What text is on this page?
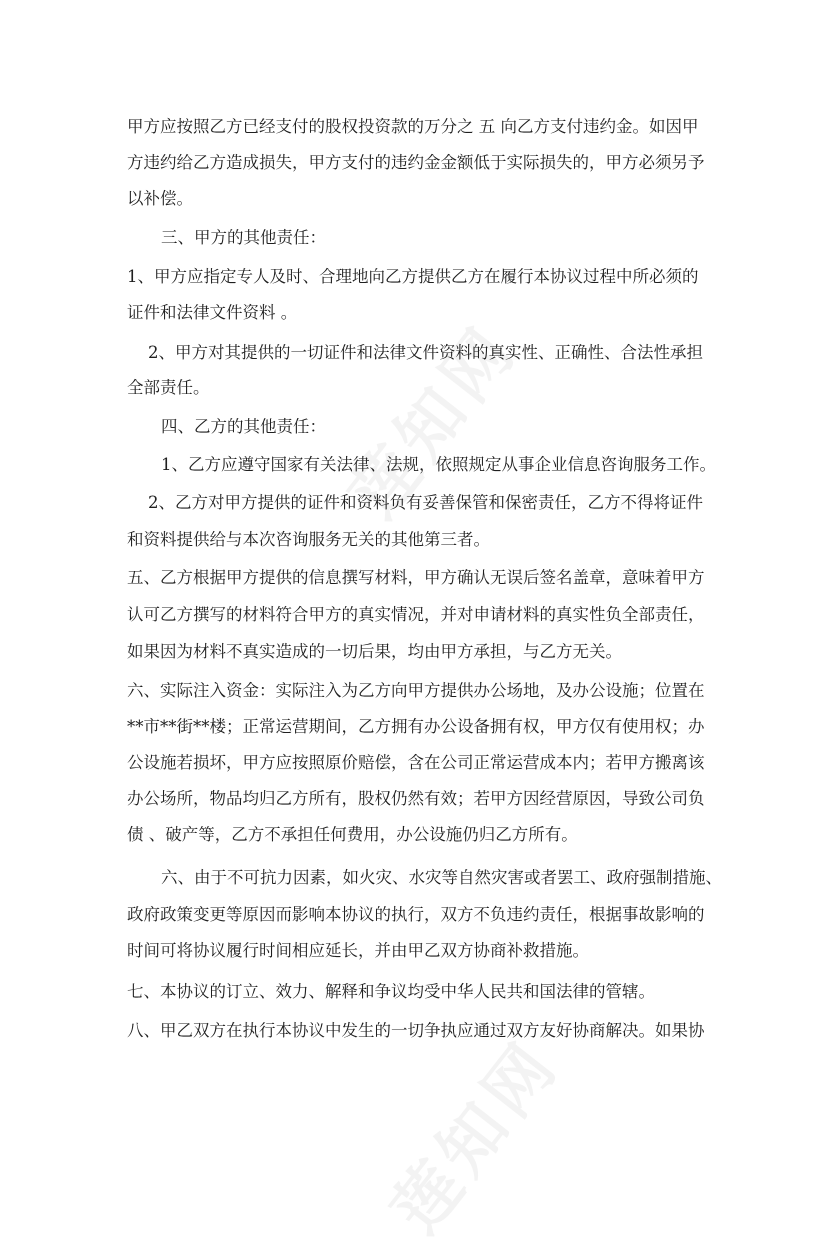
甲方应按照乙方已经支付的股权投资款的万分之 五 向乙方支付违约金。如因甲

方违约给乙方造成损失，甲方支付的违约金金额低于实际损失的，甲方必须另予

以补偿。

三、甲方的其他责任：

1、甲方应指定专人及时、合理地向乙方提供乙方在履行本协议过程中所必须的

证件和法律文件资料 。

2、甲方对其提供的一切证件和法律文件资料的真实性、正确性、合法性承担

全部责任。

四、乙方的其他责任：

1、乙方应遵守国家有关法律、法规，依照规定从事企业信息咨询服务工作。

2、乙方对甲方提供的证件和资料负有妥善保管和保密责任，乙方不得将证件

和资料提供给与本次咨询服务无关的其他第三者。

五、乙方根据甲方提供的信息撰写材料，甲方确认无误后签名盖章，意味着甲方

认可乙方撰写的材料符合甲方的真实情况，并对申请材料的真实性负全部责任，

如果因为材料不真实造成的一切后果，均由甲方承担，与乙方无关。

六、实际注入资金：实际注入为乙方向甲方提供办公场地，及办公设施；位置在

**市**街**楼；正常运营期间，乙方拥有办公设备拥有权，甲方仅有使用权；办

公设施若损坏，甲方应按照原价赔偿，含在公司正常运营成本内；若甲方搬离该

办公场所，物品均归乙方所有，股权仍然有效；若甲方因经营原因，导致公司负

债 、破产等，乙方不承担任何费用，办公设施仍归乙方所有。

六、由于不可抗力因素，如火灾、水灾等自然灾害或者罢工、政府强制措施、

政府政策变更等原因而影响本协议的执行，双方不负违约责任，根据事故影响的

时间可将协议履行时间相应延长，并由甲乙双方协商补救措施。

七、本协议的订立、效力、解释和争议均受中华人民共和国法律的管辖。

八、甲乙双方在执行本协议中发生的一切争执应通过双方友好协商解决。如果协
